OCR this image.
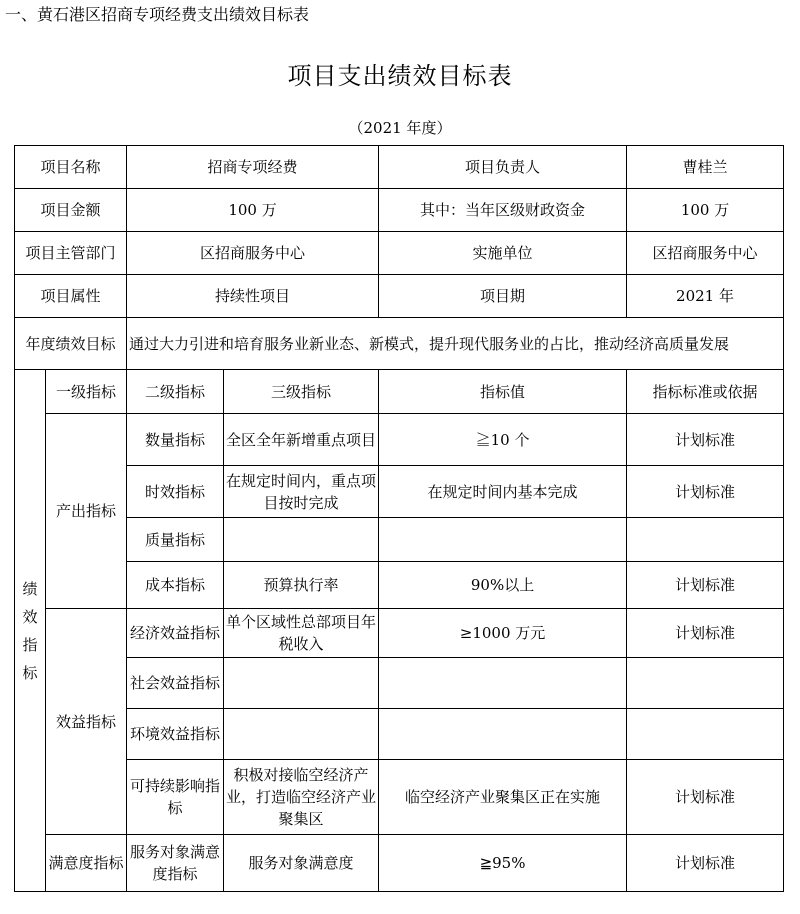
一、黄石港区招商专项经费支出绩效目标表
项目支出绩效目标表
（2021 年度）
项目名称		招商专项经费		项目负责人	曹桂兰
项目金额		100 万		其中：当年区级财政资金	100 万
项目主管部门		区招商服务中心		实施单位	区招商服务中心
项目属性		持续性项目		项目期	2021 年
年度绩效目标		通过大力引进和培育服务业新业态、新模式，提升现代服务业的占比，推动经济高质量发展			

绩
效
指
标	一级指标	二级指标	三级指标	指标值	指标标准或依据
	产出指标	数量指标	全区全年新增重点项目	≧10 个	计划标准
		时效指标	在规定时间内，重点项目按时完成	在规定时间内基本完成	计划标准
		质量指标			
		成本指标	预算执行率	90%以上	计划标准
	效益指标	经济效益指标	单个区域性总部项目年税收入	≥1000 万元	计划标准
		社会效益指标			
		环境效益指标			
		可持续影响指标	积极对接临空经济产业，打造临空经济产业聚集区	临空经济产业聚集区正在实施	计划标准
	满意度指标	服务对象满意度指标	服务对象满意度	≧95%	计划标准
